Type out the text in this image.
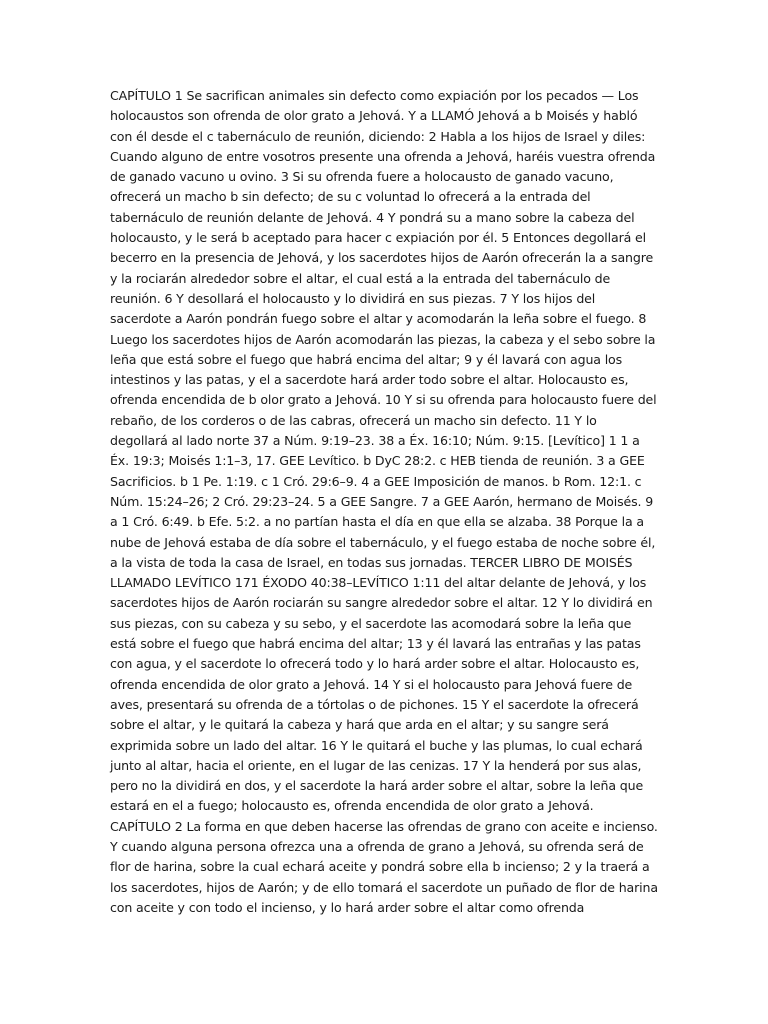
CAPÍTULO 1 Se sacrifican animales sin defecto como expiación por los pecados — Los holocaustos son ofrenda de olor grato a Jehová. Y a LLAMÓ Jehová a b Moisés y habló con él desde el c tabernáculo de reunión, diciendo: 2 Habla a los hijos de Israel y diles: Cuando alguno de entre vosotros presente una ofrenda a Jehová, haréis vuestra ofrenda de ganado vacuno u ovino. 3 Si su ofrenda fuere a holocausto de ganado vacuno, ofrecerá un macho b sin defecto; de su c voluntad lo ofrecerá a la entrada del tabernáculo de reunión delante de Jehová. 4 Y pondrá su a mano sobre la cabeza del holocausto, y le será b aceptado para hacer c expiación por él. 5 Entonces degollará el becerro en la presencia de Jehová, y los sacerdotes hijos de Aarón ofrecerán la a sangre y la rociarán alrededor sobre el altar, el cual está a la entrada del tabernáculo de reunión. 6 Y desollará el holocausto y lo dividirá en sus piezas. 7 Y los hijos del sacerdote a Aarón pondrán fuego sobre el altar y acomodarán la leña sobre el fuego. 8 Luego los sacerdotes hijos de Aarón acomodarán las piezas, la cabeza y el sebo sobre la leña que está sobre el fuego que habrá encima del altar; 9 y él lavará con agua los intestinos y las patas, y el a sacerdote hará arder todo sobre el altar. Holocausto es, ofrenda encendida de b olor grato a Jehová. 10 Y si su ofrenda para holocausto fuere del rebaño, de los corderos o de las cabras, ofrecerá un macho sin defecto. 11 Y lo degollará al lado norte 37 a Núm. 9:19–23. 38 a Éx. 16:10; Núm. 9:15. [Levítico] 1 1 a Éx. 19:3; Moisés 1:1–3, 17. GEE Levítico. b DyC 28:2. c HEB tienda de reunión. 3 a GEE Sacrificios. b 1 Pe. 1:19. c 1 Cró. 29:6–9. 4 a GEE Imposición de manos. b Rom. 12:1. c Núm. 15:24–26; 2 Cró. 29:23–24. 5 a GEE Sangre. 7 a GEE Aarón, hermano de Moisés. 9 a 1 Cró. 6:49. b Efe. 5:2. a no partían hasta el día en que ella se alzaba. 38 Porque la a nube de Jehová estaba de día sobre el tabernáculo, y el fuego estaba de noche sobre él, a la vista de toda la casa de Israel, en todas sus jornadas. TERCER LIBRO DE MOISÉS LLAMADO LEVÍTICO 171 ÉXODO 40:38–LEVÍTICO 1:11 del altar delante de Jehová, y los sacerdotes hijos de Aarón rociarán su sangre alrededor sobre el altar. 12 Y lo dividirá en sus piezas, con su cabeza y su sebo, y el sacerdote las acomodará sobre la leña que está sobre el fuego que habrá encima del altar; 13 y él lavará las entrañas y las patas con agua, y el sacerdote lo ofrecerá todo y lo hará arder sobre el altar. Holocausto es, ofrenda encendida de olor grato a Jehová. 14 Y si el holocausto para Jehová fuere de aves, presentará su ofrenda de a tórtolas o de pichones. 15 Y el sacerdote la ofrecerá sobre el altar, y le quitará la cabeza y hará que arda en el altar; y su sangre será exprimida sobre un lado del altar. 16 Y le quitará el buche y las plumas, lo cual echará junto al altar, hacia el oriente, en el lugar de las cenizas. 17 Y la henderá por sus alas, pero no la dividirá en dos, y el sacerdote la hará arder sobre el altar, sobre la leña que estará en el a fuego; holocausto es, ofrenda encendida de olor grato a Jehová. CAPÍTULO 2 La forma en que deben hacerse las ofrendas de grano con aceite e incienso. Y cuando alguna persona ofrezca una a ofrenda de grano a Jehová, su ofrenda será de flor de harina, sobre la cual echará aceite y pondrá sobre ella b incienso; 2 y la traerá a los sacerdotes, hijos de Aarón; y de ello tomará el sacerdote un puñado de flor de harina con aceite y con todo el incienso, y lo hará arder sobre el altar como ofrenda
